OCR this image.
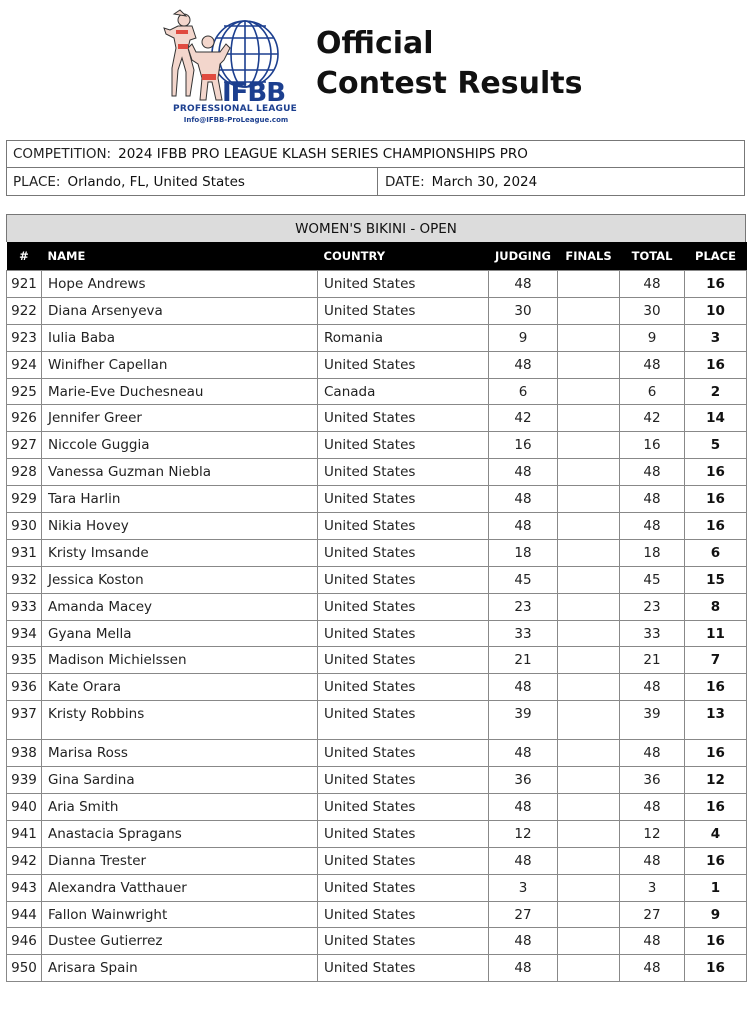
IFBB
PROFESSIONAL LEAGUE
Info@IFBB-ProLeague.com
Official
Contest Results
COMPETITION: 2024 IFBB PRO LEAGUE KLASH SERIES CHAMPIONSHIPS PRO
PLACE: Orlando, FL, United States	DATE: March 30, 2024
WOMEN'S BIKINI - OPEN
#	NAME	COUNTRY	JUDGING	FINALS	TOTAL	PLACE
921	Hope Andrews	United States	48		48	16
922	Diana Arsenyeva	United States	30		30	10
923	Iulia Baba	Romania	9		9	3
924	Winifher Capellan	United States	48		48	16
925	Marie-Eve Duchesneau	Canada	6		6	2
926	Jennifer Greer	United States	42		42	14
927	Niccole Guggia	United States	16		16	5
928	Vanessa Guzman Niebla	United States	48		48	16
929	Tara Harlin	United States	48		48	16
930	Nikia Hovey	United States	48		48	16
931	Kristy Imsande	United States	18		18	6
932	Jessica Koston	United States	45		45	15
933	Amanda Macey	United States	23		23	8
934	Gyana Mella	United States	33		33	11
935	Madison Michielssen	United States	21		21	7
936	Kate Orara	United States	48		48	16
937	Kristy Robbins	United States	39		39	13
938	Marisa Ross	United States	48		48	16
939	Gina Sardina	United States	36		36	12
940	Aria Smith	United States	48		48	16
941	Anastacia Spragans	United States	12		12	4
942	Dianna Trester	United States	48		48	16
943	Alexandra Vatthauer	United States	3		3	1
944	Fallon Wainwright	United States	27		27	9
946	Dustee Gutierrez	United States	48		48	16
950	Arisara Spain	United States	48		48	16
